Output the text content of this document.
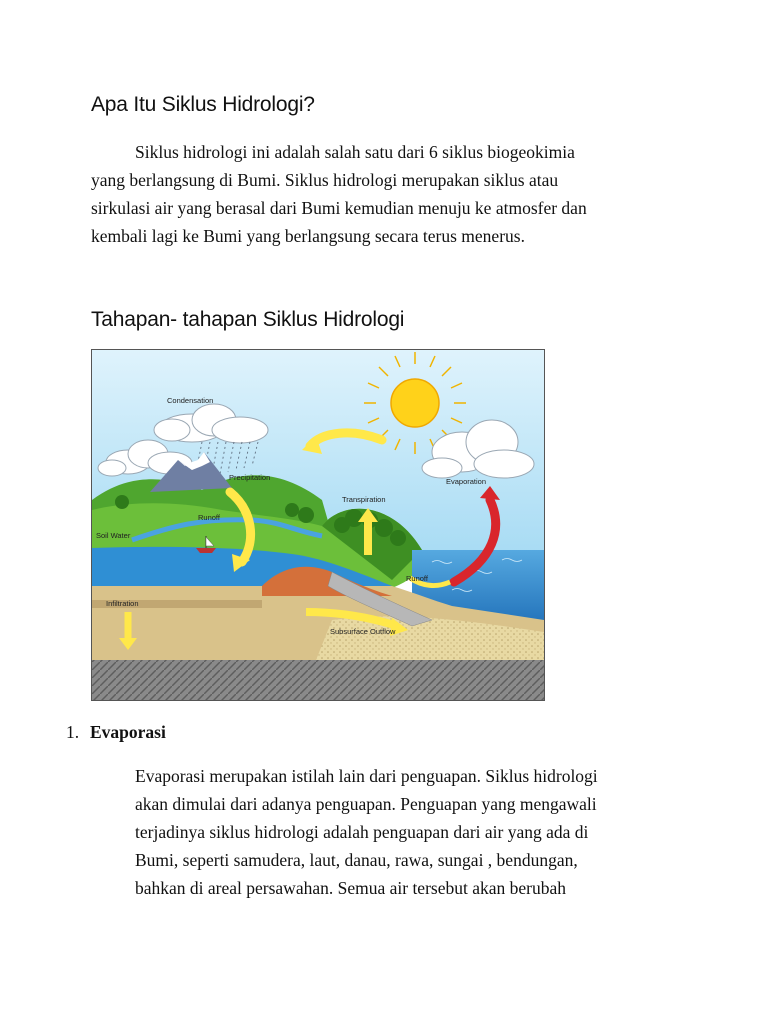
Apa Itu Siklus Hidrologi?

Siklus hidrologi ini adalah salah satu dari 6 siklus biogeokimia
yang berlangsung di Bumi. Siklus hidrologi merupakan siklus atau
sirkulasi air yang berasal dari Bumi kemudian menuju ke atmosfer dan
kembali lagi ke Bumi yang berlangsung secara terus menerus.

Tahapan- tahapan Siklus Hidrologi
Condensation
Precipitation
Transpiration
Evaporation
Runoff
Runoff
Soil Water
Infiltration
Subsurface Outflow
1. Evaporasi

Evaporasi merupakan istilah lain dari penguapan. Siklus hidrologi
akan dimulai dari adanya penguapan. Penguapan yang mengawali
terjadinya siklus hidrologi adalah penguapan dari air yang ada di
Bumi, seperti samudera, laut, danau, rawa, sungai , bendungan,
bahkan di areal persawahan. Semua air tersebut akan berubah
